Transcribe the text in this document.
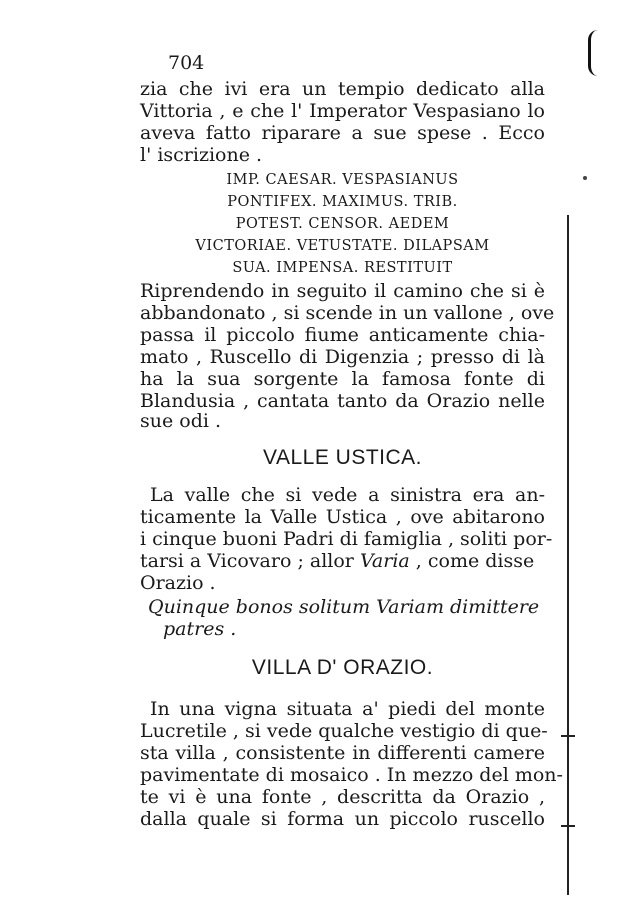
704
zia che ivi era un tempio dedicato alla
Vittoria , e che l' Imperator Vespasiano lo
aveva fatto riparare a sue spese . Ecco
l' iscrizione .
IMP. CAESAR. VESPASIANUS
PONTIFEX. MAXIMUS. TRIB.
POTEST. CENSOR. AEDEM
VICTORIAE. VETUSTATE. DILAPSAM
SUA. IMPENSA. RESTITUIT
Riprendendo in seguito il camino che si è
abbandonato , si scende in un vallone , ove
passa il piccolo fiume anticamente chia-
mato , Ruscello di Digenzia ; presso di là
ha la sua sorgente la famosa fonte di
Blandusia , cantata tanto da Orazio nelle
sue odi .
VALLE USTICA.
La valle che si vede a sinistra era an-
ticamente la Valle Ustica , ove abitarono
i cinque buoni Padri di famiglia , soliti por-
tarsi a Vicovaro ; allor Varia , come disse
Orazio .
Quinque bonos solitum Variam dimittere
patres .
VILLA D' ORAZIO.
In una vigna situata a' piedi del monte
Lucretile , si vede qualche vestigio di que-
sta villa , consistente in differenti camere
pavimentate di mosaico . In mezzo del mon-
te vi è una fonte , descritta da Orazio ,
dalla quale si forma un piccolo ruscello
